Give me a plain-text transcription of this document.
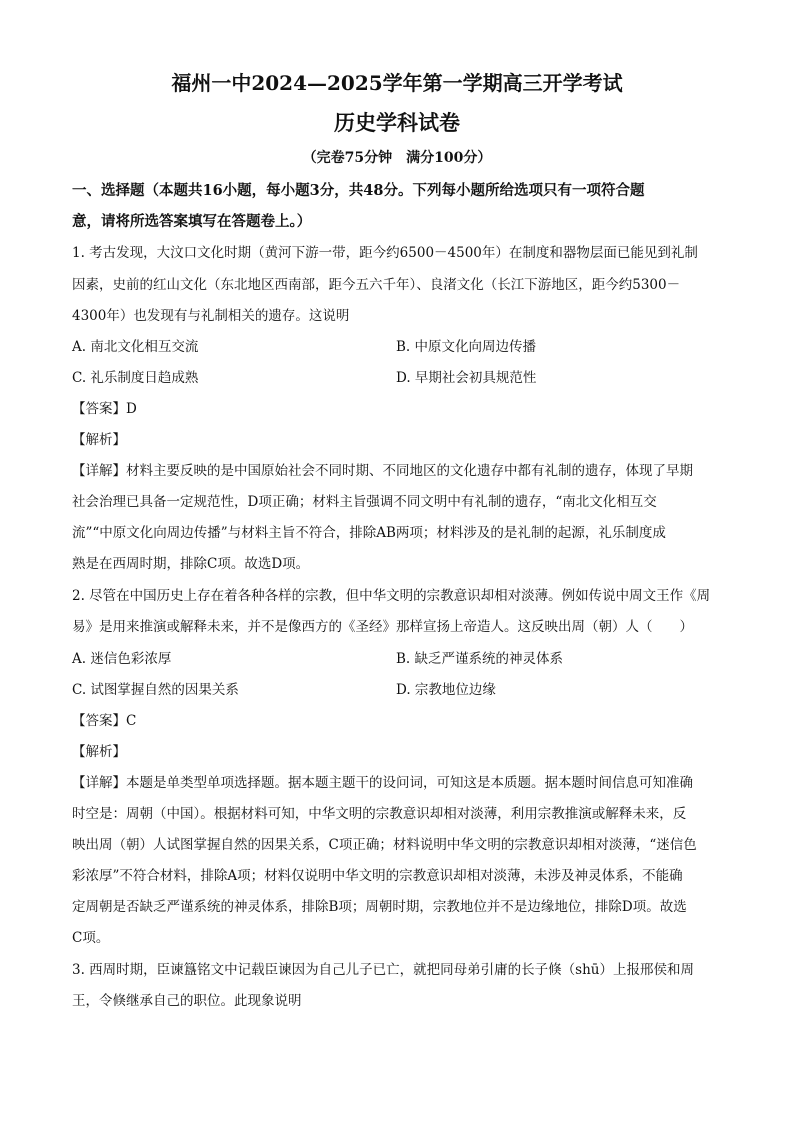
福州一中2024—2025学年第一学期高三开学考试
历史学科试卷
（完卷75分钟　满分100分）
一、选择题（本题共16小题，每小题3分，共48分。下列每小题所给选项只有一项符合题
意，请将所选答案填写在答题卷上。）
1. 考古发现，大汶口文化时期（黄河下游一带，距今约6500－4500年）在制度和器物层面已能见到礼制
因素，史前的红山文化（东北地区西南部，距今五六千年）、良渚文化（长江下游地区，距今约5300－
4300年）也发现有与礼制相关的遗存。这说明
A. 南北文化相互交流	B. 中原文化向周边传播
C. 礼乐制度日趋成熟	D. 早期社会初具规范性
【答案】D
【解析】
【详解】材料主要反映的是中国原始社会不同时期、不同地区的文化遗存中都有礼制的遗存，体现了早期
社会治理已具备一定规范性，D项正确；材料主旨强调不同文明中有礼制的遗存，“南北文化相互交
流”“中原文化向周边传播”与材料主旨不符合，排除AB两项；材料涉及的是礼制的起源，礼乐制度成
熟是在西周时期，排除C项。故选D项。
2. 尽管在中国历史上存在着各种各样的宗教，但中华文明的宗教意识却相对淡薄。例如传说中周文王作《周
易》是用来推演或解释未来，并不是像西方的《圣经》那样宣扬上帝造人。这反映出周（朝）人（　　）
A. 迷信色彩浓厚	B. 缺乏严谨系统的神灵体系
C. 试图掌握自然的因果关系	D. 宗教地位边缘
【答案】C
【解析】
【详解】本题是单类型单项选择题。据本题主题干的设问词，可知这是本质题。据本题时间信息可知准确
时空是：周朝（中国）。根据材料可知，中华文明的宗教意识却相对淡薄，利用宗教推演或解释未来，反
映出周（朝）人试图掌握自然的因果关系，C项正确；材料说明中华文明的宗教意识却相对淡薄，“迷信色
彩浓厚”不符合材料，排除A项；材料仅说明中华文明的宗教意识却相对淡薄，未涉及神灵体系，不能确
定周朝是否缺乏严谨系统的神灵体系，排除B项；周朝时期，宗教地位并不是边缘地位，排除D项。故选
C项。
3. 西周时期，臣谏簋铭文中记载臣谏因为自己儿子已亡，就把同母弟引庸的长子倏（shū）上报邢侯和周
王，令倏继承自己的职位。此现象说明
